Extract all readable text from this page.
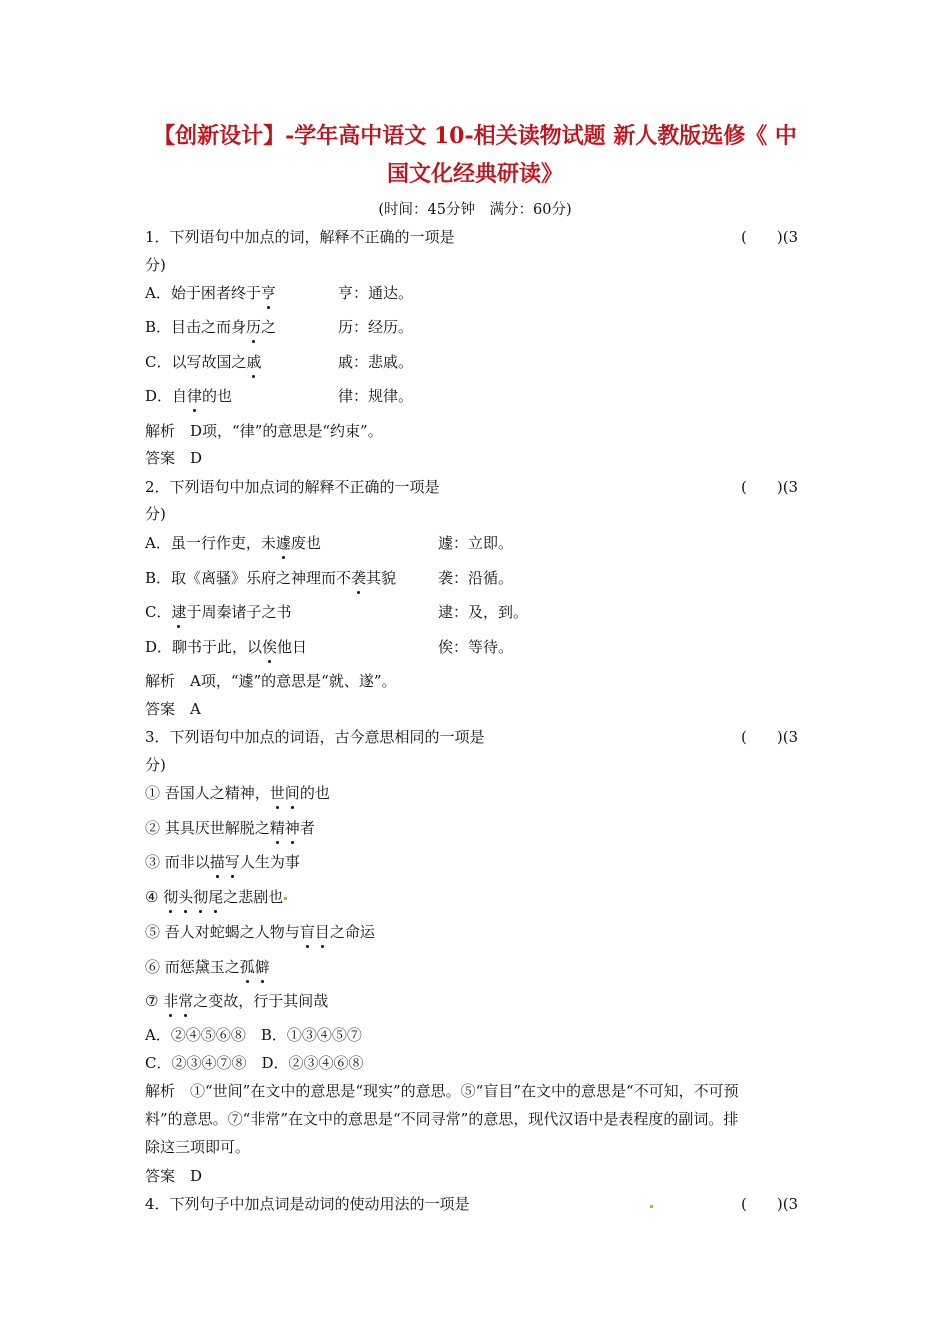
【创新设计】-学年高中语文 10-相关读物试题 新人教版选修《 中
国文化经典研读》
(时间：45分钟　满分：60分)
1．下列语句中加点的词，解释不正确的一项是	(　　)(3
分)
A．始于困者终于亨	亨：通达。
B．目击之而身历之	历：经历。
C．以写故国之戚	戚：悲戚。
D．自律的也	律：规律。
解析　D项，“律”的意思是“约束”。
答案　D
2．下列语句中加点词的解释不正确的一项是	(　　)(3
分)
A．虽一行作吏，未遽废也	遽：立即。
B．取《离骚》乐府之神理而不袭其貌	袭：沿循。
C．逮于周秦诸子之书	逮：及，到。
D．聊书于此，以俟他日	俟：等待。
解析　A项，“遽”的意思是“就、遂”。
答案　A
3．下列语句中加点的词语，古今意思相同的一项是	(　　)(3
分)
① 吾国人之精神，世间的也
② 其具厌世解脱之精神者
③ 而非以描写人生为事
④ 彻头彻尾之悲剧也
⑤ 吾人对蛇蝎之人物与盲目之命运
⑥ 而惩黛玉之孤僻
⑦ 非常之变故，行于其间哉
A．②④⑤⑥⑧　B．①③④⑤⑦
C．②③④⑦⑧　D．②③④⑥⑧
解析　①“世间”在文中的意思是“现实”的意思。⑤“盲目”在文中的意思是“不可知，不可预
料”的意思。⑦“非常”在文中的意思是“不同寻常”的意思，现代汉语中是表程度的副词。排
除这三项即可。
答案　D
4．下列句子中加点词是动词的使动用法的一项是	(　　)(3
